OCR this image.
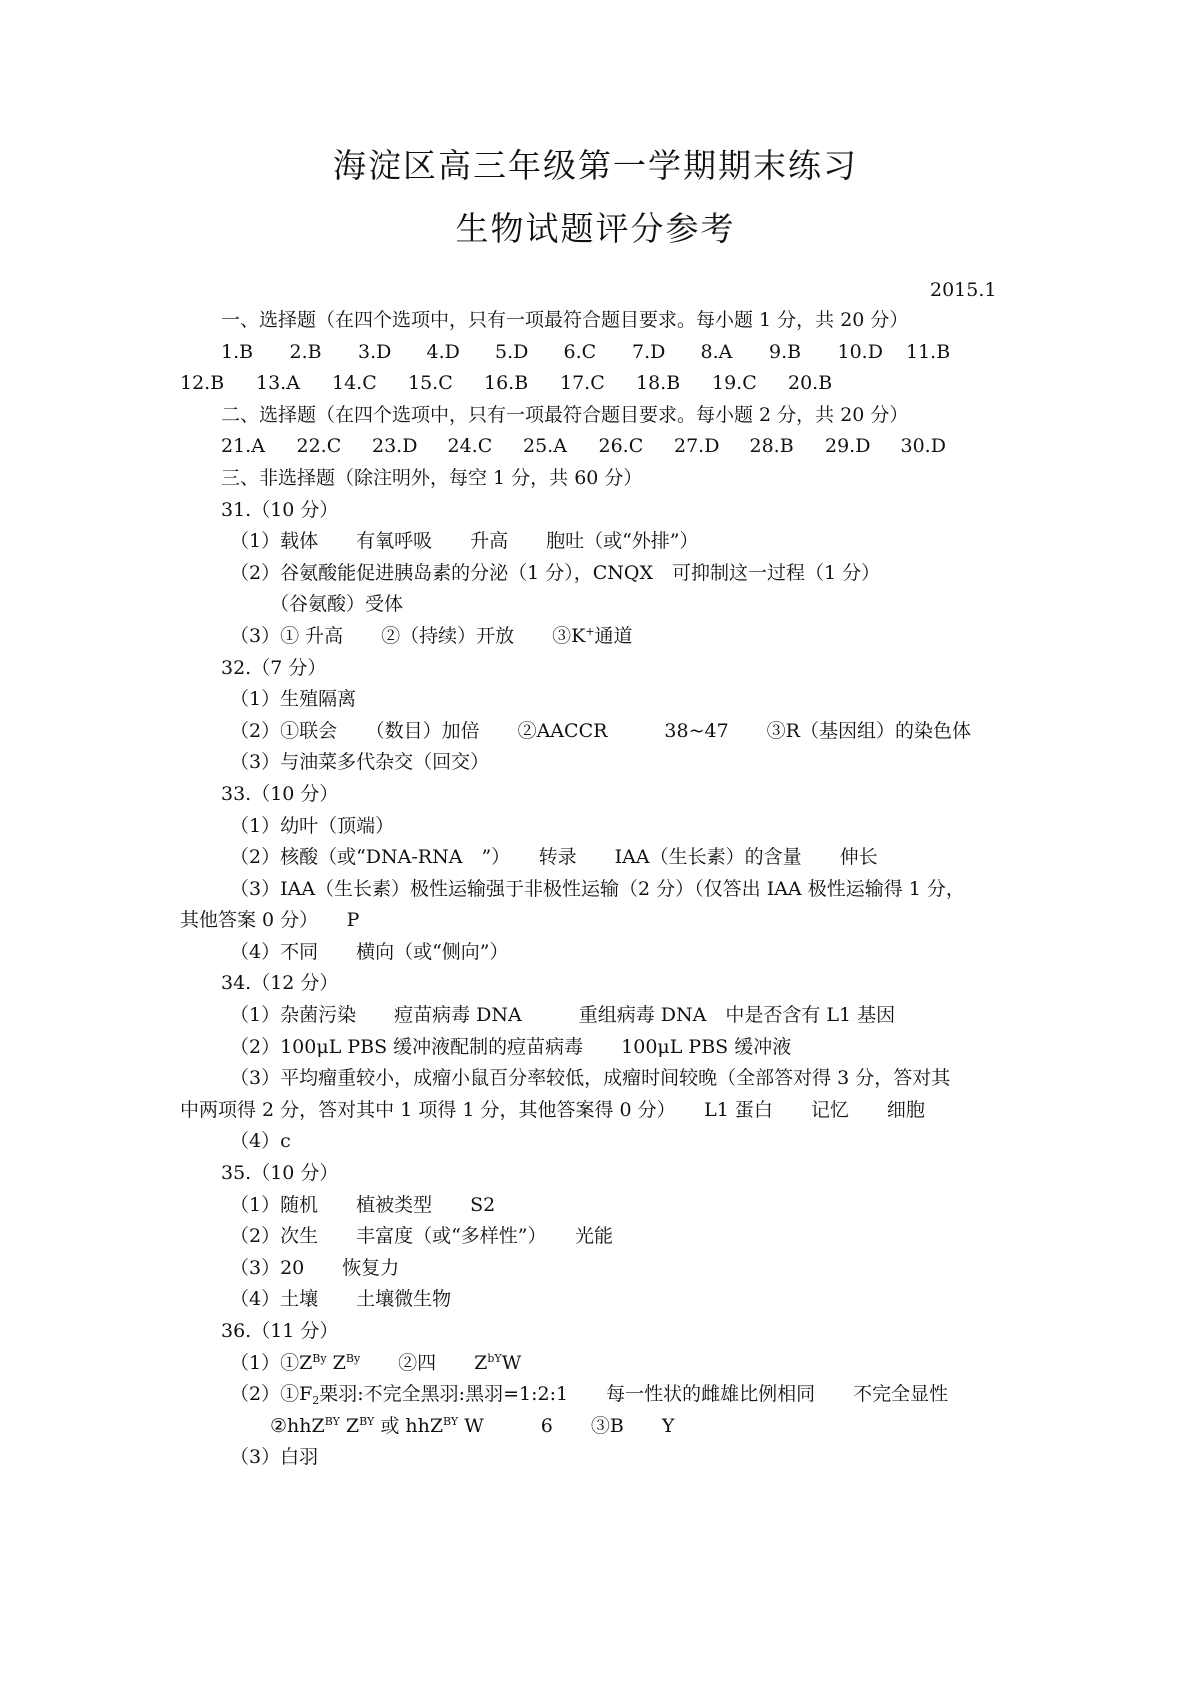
海淀区高三年级第一学期期末练习
生物试题评分参考
2015.1
一、选择题（在四个选项中，只有一项最符合题目要求。每小题 1 分，共 20 分）
1.B 2.B 3.D 4.D 5.D 6.C 7.D 8.A 9.B 10.D 11.B
12.B 13.A 14.C 15.C 16.B 17.C 18.B 19.C 20.B
二、选择题（在四个选项中，只有一项最符合题目要求。每小题 2 分，共 20 分）
21.A 22.C 23.D 24.C 25.A 26.C 27.D 28.B 29.D 30.D
三、非选择题（除注明外，每空 1 分，共 60 分）
31.（10 分）
（1）载体　　有氧呼吸　　升高　　胞吐（或“外排”）
（2）谷氨酸能促进胰岛素的分泌（1 分），CNQX　可抑制这一过程（1 分）
（谷氨酸）受体
（3）① 升高　　②（持续）开放　　③K+通道
32.（7 分）
（1）生殖隔离
（2）①联会　　（数目）加倍　　②AACCR　　　38~47　　③R（基因组）的染色体
（3）与油菜多代杂交（回交）
33.（10 分）
（1）幼叶（顶端）
（2）核酸（或“DNA-RNA　”）　　转录　　IAA（生长素）的含量　　伸长
（3）IAA（生长素）极性运输强于非极性运输（2 分）（仅答出 IAA 极性运输得 1 分，
其他答案 0 分）　　P
（4）不同　　横向（或“侧向”）
34.（12 分）
（1）杂菌污染　　痘苗病毒 DNA　　　重组病毒 DNA　中是否含有 L1 基因
（2）100μL PBS 缓冲液配制的痘苗病毒　　100μL PBS 缓冲液
（3）平均瘤重较小，成瘤小鼠百分率较低，成瘤时间较晚（全部答对得 3 分，答对其
中两项得 2 分，答对其中 1 项得 1 分，其他答案得 0 分）　　L1 蛋白　　记忆　　细胞
（4）c
35.（10 分）
（1）随机　　植被类型　　S2
（2）次生　　丰富度（或“多样性”）　　光能
（3）20　　恢复力
（4）土壤　　土壤微生物
36.（11 分）
$(1)①Z^{By}$ $Z^{By}$　　②四　　$Z^{bY}W$
$(2)①F_2$栗羽:不完全黑羽:黑羽=1:2:1　　每一性状的雌雄比例相同　　不完全显性
②hhZ$^{BY}$ $Z^{BY}$ 或 hhZ$^{BY}$ W　　　6　　③B　　Y
（3）白羽
